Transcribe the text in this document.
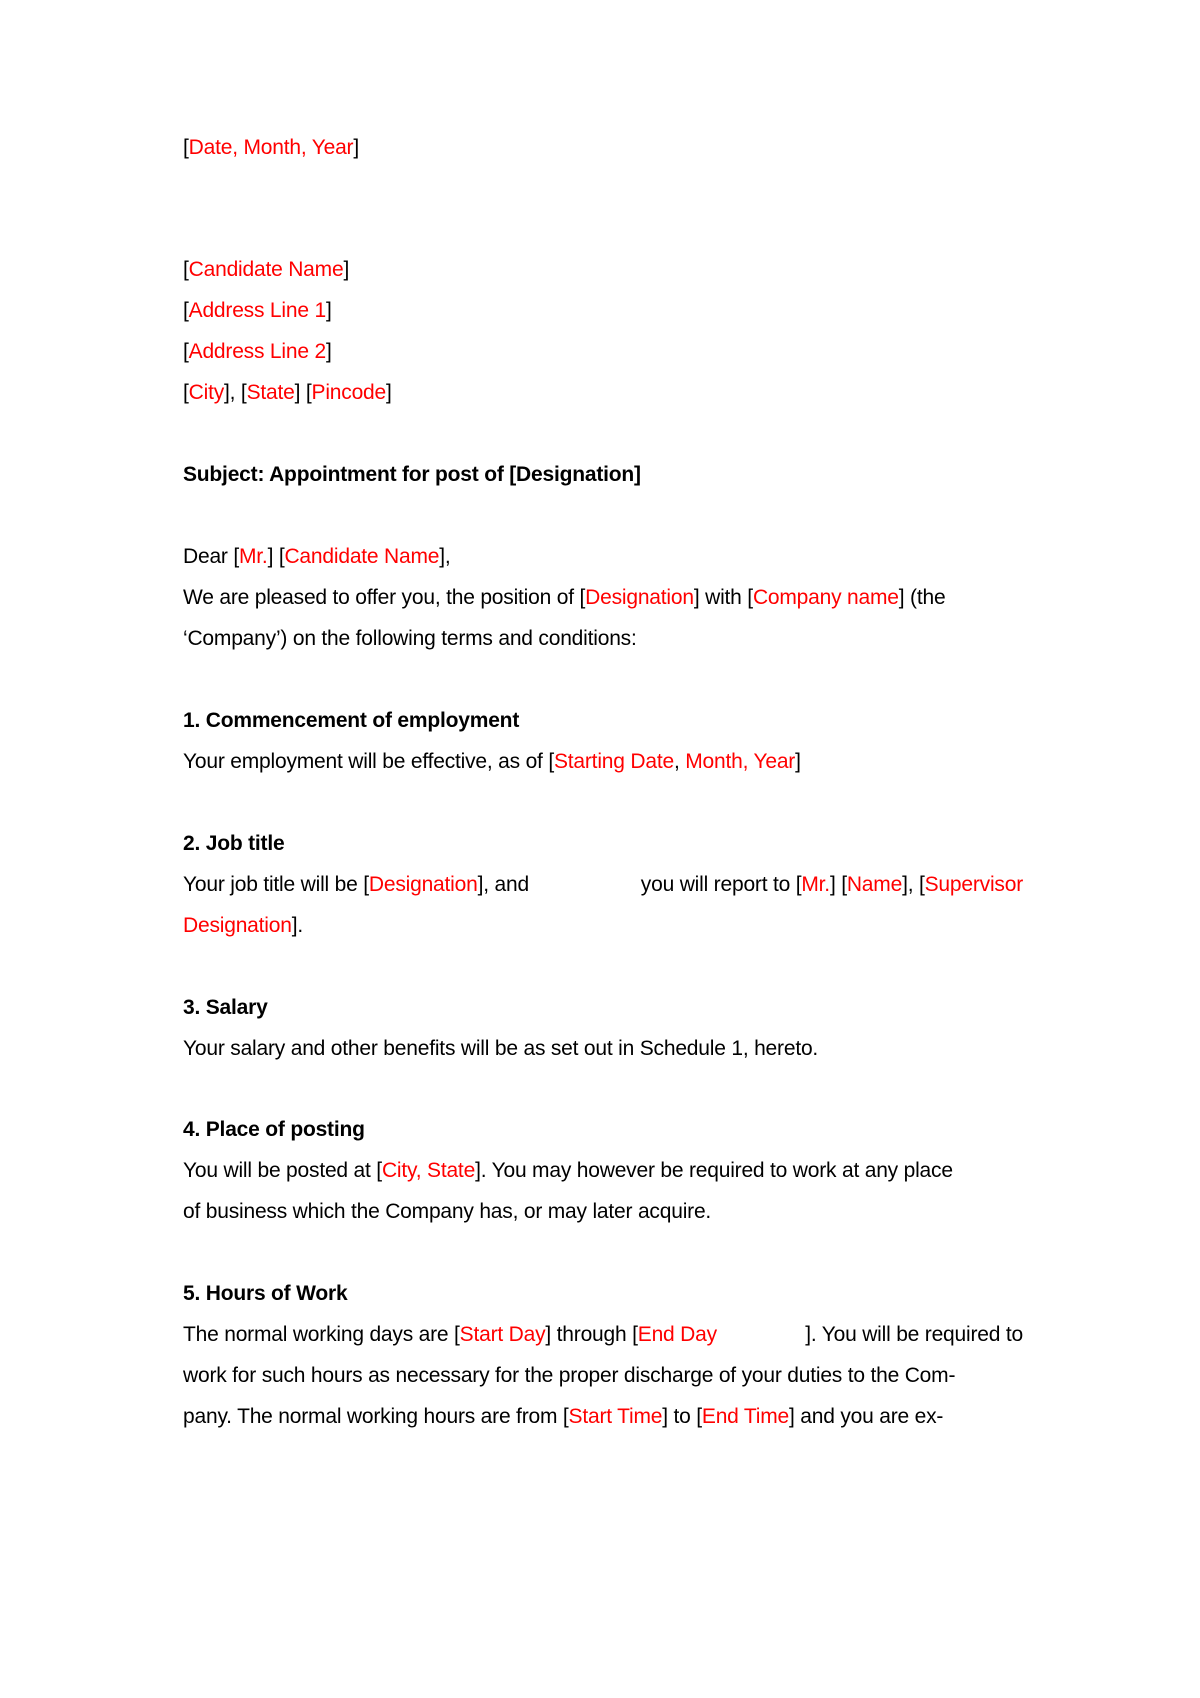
[Date, Month, Year]
[Candidate Name]
[Address Line 1]
[Address Line 2]
[City], [State] [Pincode]
Subject: Appointment for post of [Designation]
Dear [Mr.] [Candidate Name],
We are pleased to offer you, the position of [Designation] with [Company name] (the
‘Company’) on the following terms and conditions:
1. Commencement of employment
Your employment will be effective, as of [Starting Date, Month, Year]
2. Job title
Your job title will be [Designation], and	you will report to [Mr.] [Name], [Supervisor
Designation].
3. Salary
Your salary and other benefits will be as set out in Schedule 1, hereto.
4. Place of posting
You will be posted at [City, State]. You may however be required to work at any place
of business which the Company has, or may later acquire.
5. Hours of Work
The normal working days are [Start Day] through [End Day	]. You will be required to
work for such hours as necessary for the proper discharge of your duties to the Com-
pany. The normal working hours are from [Start Time] to [End Time] and you are ex-
